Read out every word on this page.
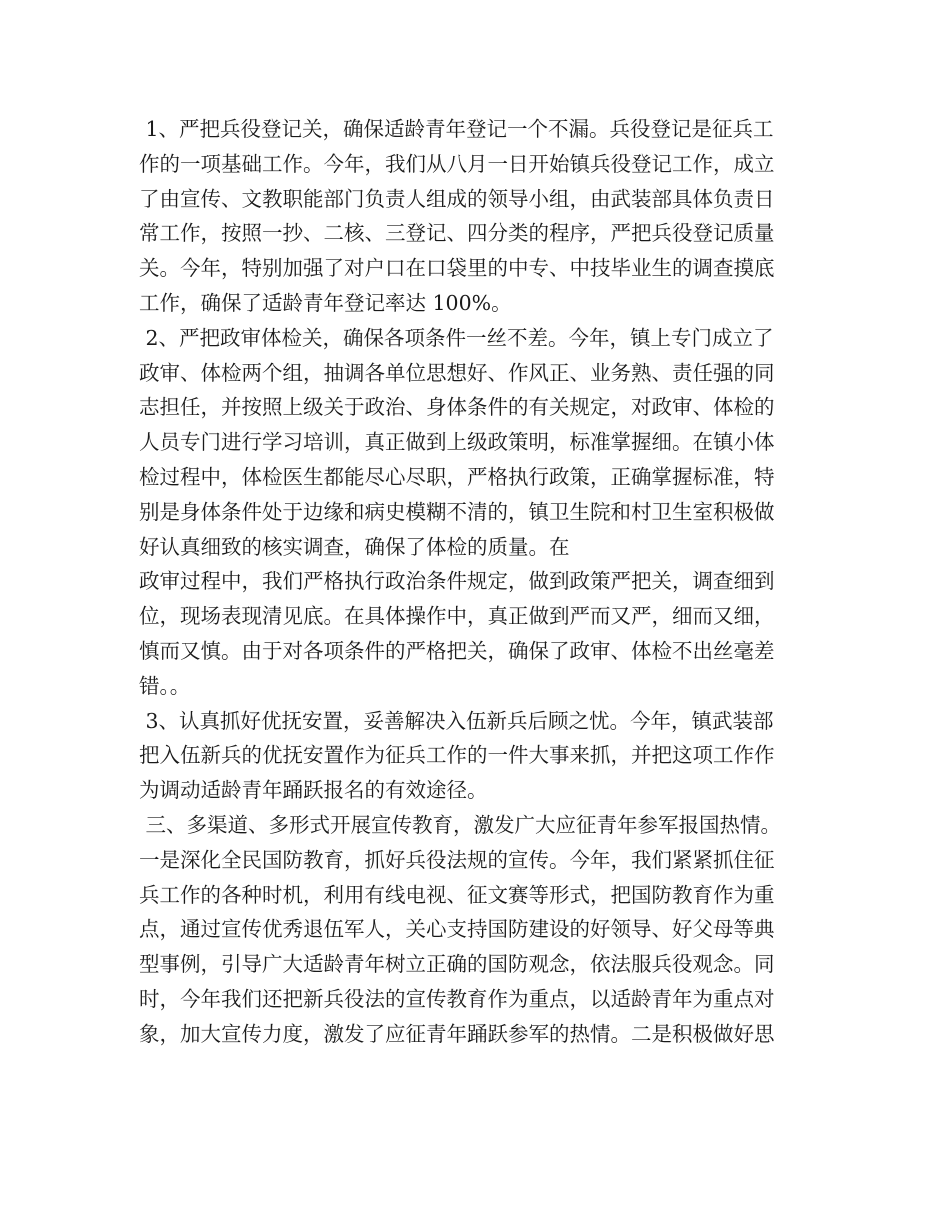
1、严把兵役登记关，确保适龄青年登记一个不漏。兵役登记是征兵工
作的一项基础工作。今年，我们从八月一日开始镇兵役登记工作，成立
了由宣传、文教职能部门负责人组成的领导小组，由武装部具体负责日
常工作，按照一抄、二核、三登记、四分类的程序，严把兵役登记质量
关。今年，特别加强了对户口在口袋里的中专、中技毕业生的调查摸底
工作，确保了适龄青年登记率达 100%。
2、严把政审体检关，确保各项条件一丝不差。今年，镇上专门成立了
政审、体检两个组，抽调各单位思想好、作风正、业务熟、责任强的同
志担任，并按照上级关于政治、身体条件的有关规定，对政审、体检的
人员专门进行学习培训，真正做到上级政策明，标准掌握细。在镇小体
检过程中，体检医生都能尽心尽职，严格执行政策，正确掌握标准，特
别是身体条件处于边缘和病史模糊不清的，镇卫生院和村卫生室积极做
好认真细致的核实调查，确保了体检的质量。在
政审过程中，我们严格执行政治条件规定，做到政策严把关，调查细到
位，现场表现清见底。在具体操作中，真正做到严而又严，细而又细，
慎而又慎。由于对各项条件的严格把关，确保了政审、体检不出丝毫差
错。。
3、认真抓好优抚安置，妥善解决入伍新兵后顾之忧。今年，镇武装部
把入伍新兵的优抚安置作为征兵工作的一件大事来抓，并把这项工作作
为调动适龄青年踊跃报名的有效途径。
三、多渠道、多形式开展宣传教育，激发广大应征青年参军报国热情。
一是深化全民国防教育，抓好兵役法规的宣传。今年，我们紧紧抓住征
兵工作的各种时机，利用有线电视、征文赛等形式，把国防教育作为重
点，通过宣传优秀退伍军人，关心支持国防建设的好领导、好父母等典
型事例，引导广大适龄青年树立正确的国防观念，依法服兵役观念。同
时，今年我们还把新兵役法的宣传教育作为重点，以适龄青年为重点对
象，加大宣传力度，激发了应征青年踊跃参军的热情。二是积极做好思
